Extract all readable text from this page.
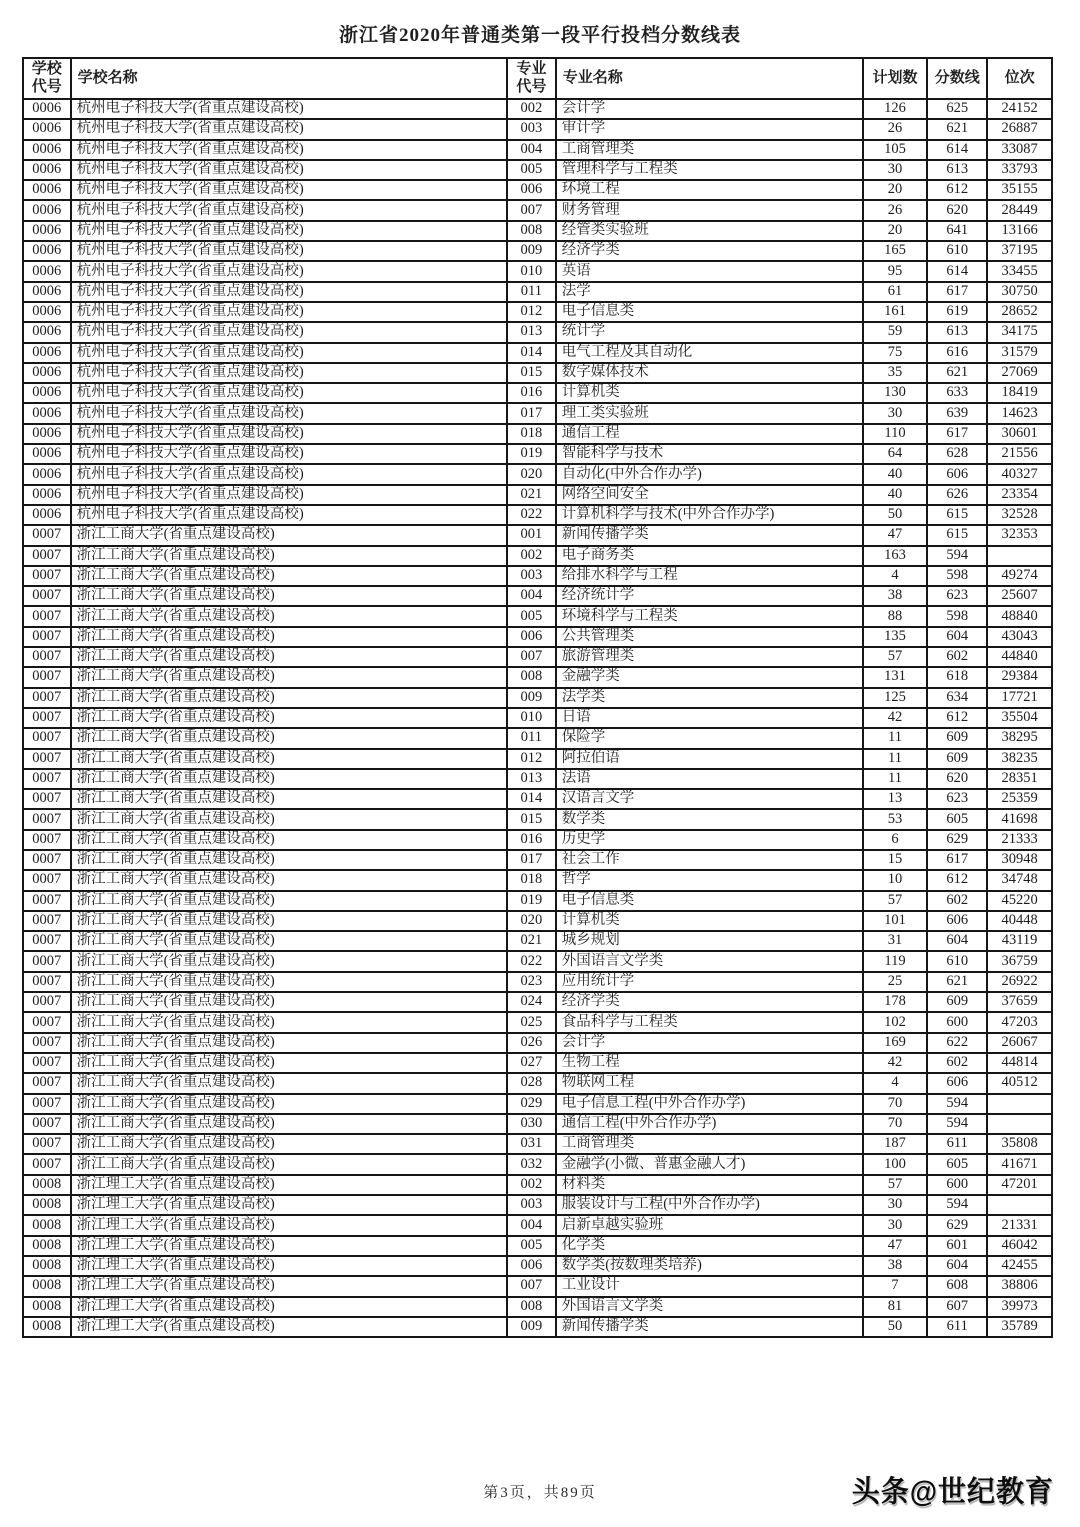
浙江省2020年普通类第一段平行投档分数线表
学校代号	学校名称	专业代号	专业名称	计划数	分数线	位次
0006	杭州电子科技大学(省重点建设高校)	002	会计学	126	625	24152
0006	杭州电子科技大学(省重点建设高校)	003	审计学	26	621	26887
0006	杭州电子科技大学(省重点建设高校)	004	工商管理类	105	614	33087
0006	杭州电子科技大学(省重点建设高校)	005	管理科学与工程类	30	613	33793
0006	杭州电子科技大学(省重点建设高校)	006	环境工程	20	612	35155
0006	杭州电子科技大学(省重点建设高校)	007	财务管理	26	620	28449
0006	杭州电子科技大学(省重点建设高校)	008	经管类实验班	20	641	13166
0006	杭州电子科技大学(省重点建设高校)	009	经济学类	165	610	37195
0006	杭州电子科技大学(省重点建设高校)	010	英语	95	614	33455
0006	杭州电子科技大学(省重点建设高校)	011	法学	61	617	30750
0006	杭州电子科技大学(省重点建设高校)	012	电子信息类	161	619	28652
0006	杭州电子科技大学(省重点建设高校)	013	统计学	59	613	34175
0006	杭州电子科技大学(省重点建设高校)	014	电气工程及其自动化	75	616	31579
0006	杭州电子科技大学(省重点建设高校)	015	数字媒体技术	35	621	27069
0006	杭州电子科技大学(省重点建设高校)	016	计算机类	130	633	18419
0006	杭州电子科技大学(省重点建设高校)	017	理工类实验班	30	639	14623
0006	杭州电子科技大学(省重点建设高校)	018	通信工程	110	617	30601
0006	杭州电子科技大学(省重点建设高校)	019	智能科学与技术	64	628	21556
0006	杭州电子科技大学(省重点建设高校)	020	自动化(中外合作办学)	40	606	40327
0006	杭州电子科技大学(省重点建设高校)	021	网络空间安全	40	626	23354
0006	杭州电子科技大学(省重点建设高校)	022	计算机科学与技术(中外合作办学)	50	615	32528
0007	浙江工商大学(省重点建设高校)	001	新闻传播学类	47	615	32353
0007	浙江工商大学(省重点建设高校)	002	电子商务类	163	594	
0007	浙江工商大学(省重点建设高校)	003	给排水科学与工程	4	598	49274
0007	浙江工商大学(省重点建设高校)	004	经济统计学	38	623	25607
0007	浙江工商大学(省重点建设高校)	005	环境科学与工程类	88	598	48840
0007	浙江工商大学(省重点建设高校)	006	公共管理类	135	604	43043
0007	浙江工商大学(省重点建设高校)	007	旅游管理类	57	602	44840
0007	浙江工商大学(省重点建设高校)	008	金融学类	131	618	29384
0007	浙江工商大学(省重点建设高校)	009	法学类	125	634	17721
0007	浙江工商大学(省重点建设高校)	010	日语	42	612	35504
0007	浙江工商大学(省重点建设高校)	011	保险学	11	609	38295
0007	浙江工商大学(省重点建设高校)	012	阿拉伯语	11	609	38235
0007	浙江工商大学(省重点建设高校)	013	法语	11	620	28351
0007	浙江工商大学(省重点建设高校)	014	汉语言文学	13	623	25359
0007	浙江工商大学(省重点建设高校)	015	数学类	53	605	41698
0007	浙江工商大学(省重点建设高校)	016	历史学	6	629	21333
0007	浙江工商大学(省重点建设高校)	017	社会工作	15	617	30948
0007	浙江工商大学(省重点建设高校)	018	哲学	10	612	34748
0007	浙江工商大学(省重点建设高校)	019	电子信息类	57	602	45220
0007	浙江工商大学(省重点建设高校)	020	计算机类	101	606	40448
0007	浙江工商大学(省重点建设高校)	021	城乡规划	31	604	43119
0007	浙江工商大学(省重点建设高校)	022	外国语言文学类	119	610	36759
0007	浙江工商大学(省重点建设高校)	023	应用统计学	25	621	26922
0007	浙江工商大学(省重点建设高校)	024	经济学类	178	609	37659
0007	浙江工商大学(省重点建设高校)	025	食品科学与工程类	102	600	47203
0007	浙江工商大学(省重点建设高校)	026	会计学	169	622	26067
0007	浙江工商大学(省重点建设高校)	027	生物工程	42	602	44814
0007	浙江工商大学(省重点建设高校)	028	物联网工程	4	606	40512
0007	浙江工商大学(省重点建设高校)	029	电子信息工程(中外合作办学)	70	594	
0007	浙江工商大学(省重点建设高校)	030	通信工程(中外合作办学)	70	594	
0007	浙江工商大学(省重点建设高校)	031	工商管理类	187	611	35808
0007	浙江工商大学(省重点建设高校)	032	金融学(小微、普惠金融人才)	100	605	41671
0008	浙江理工大学(省重点建设高校)	002	材料类	57	600	47201
0008	浙江理工大学(省重点建设高校)	003	服装设计与工程(中外合作办学)	30	594	
0008	浙江理工大学(省重点建设高校)	004	启新卓越实验班	30	629	21331
0008	浙江理工大学(省重点建设高校)	005	化学类	47	601	46042
0008	浙江理工大学(省重点建设高校)	006	数学类(按数理类培养)	38	604	42455
0008	浙江理工大学(省重点建设高校)	007	工业设计	7	608	38806
0008	浙江理工大学(省重点建设高校)	008	外国语言文学类	81	607	39973
0008	浙江理工大学(省重点建设高校)	009	新闻传播学类	50	611	35789
第3页，共89页	头条@世纪教育
